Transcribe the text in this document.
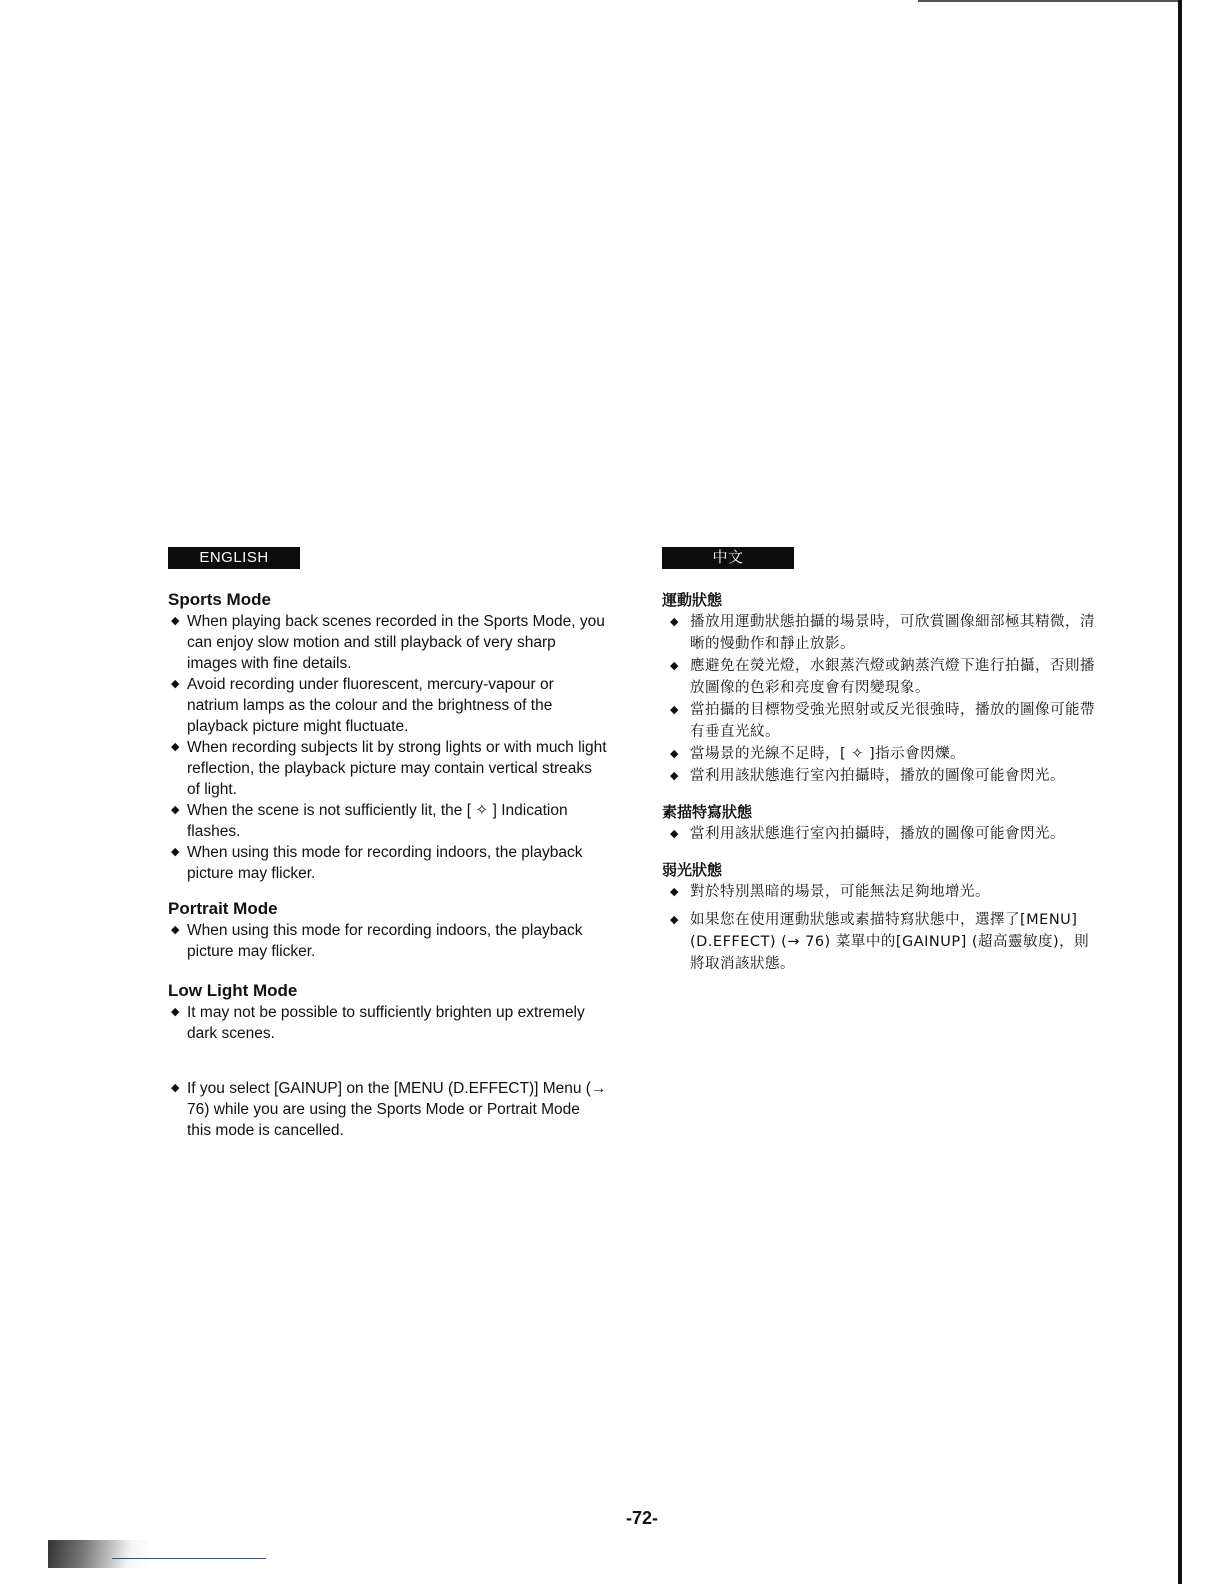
ENGLISH
Sports Mode
◆ When playing back scenes recorded in the Sports Mode, you can enjoy slow motion and still playback of very sharp images with fine details.
◆ Avoid recording under fluorescent, mercury-vapour or natrium lamps as the colour and the brightness of the playback picture might fluctuate.
◆ When recording subjects lit by strong lights or with much light reflection, the playback picture may contain vertical streaks of light.
◆ When the scene is not sufficiently lit, the [ ✧ ] Indication flashes.
◆ When using this mode for recording indoors, the playback picture may flicker.
Portrait Mode
◆ When using this mode for recording indoors, the playback picture may flicker.
Low Light Mode
◆ It may not be possible to sufficiently brighten up extremely dark scenes.
◆ If you select [GAINUP] on the [MENU (D.EFFECT)] Menu (→ 76) while you are using the Sports Mode or Portrait Mode this mode is cancelled.
中文
運動狀態
◆ 播放用運動狀態拍攝的場景時，可欣賞圖像細部極其精微，清晰的慢動作和靜止放影。
◆ 應避免在熒光燈，水銀蒸汽燈或鈉蒸汽燈下進行拍攝，否則播放圖像的色彩和亮度會有閃變現象。
◆ 當拍攝的目標物受強光照射或反光很強時，播放的圖像可能帶有垂直光紋。
◆ 當場景的光線不足時，[ ✧ ]指示會閃爍。
◆ 當利用該狀態進行室內拍攝時，播放的圖像可能會閃光。
素描特寫狀態
◆ 當利用該狀態進行室內拍攝時，播放的圖像可能會閃光。
弱光狀態
◆ 對於特別黑暗的場景，可能無法足夠地增光。
◆ 如果您在使用運動狀態或素描特寫狀態中，選擇了[MENU] (D.EFFECT) (→ 76) 菜單中的[GAINUP] (超高靈敏度)，則將取消該狀態。
-72-
